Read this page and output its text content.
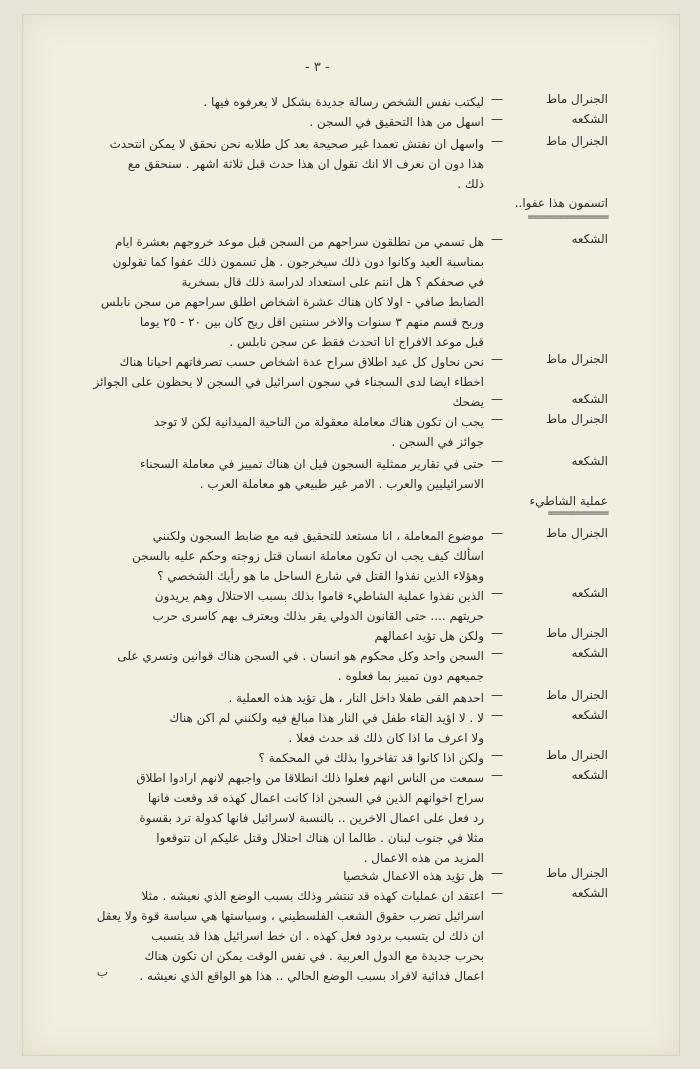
- ٣ -
الجنرال ماط
—
ليكتب نفس الشخص رسالة جديدة بشكل لا يعرفوه فيها .
الشكعه
—
اسهل من هذا التحقيق في السجن .
الجنرال ماط
—
واسهل ان نفتش تعمدا غير صحيحة بعد كل طلابه نحن نحقق لا يمكن انتحدث
هذا دون ان نعرف الا انك تقول ان هذا حدث قبل ثلاثة اشهر . سنحقق مع
ذلك .
اتسمون هذا عفوا..
================
الشكعه
—
هل تسمي من تطلقون سراحهم من السجن قبل موعد خروجهم بعشرة ايام
بمناسبة العيد وكانوا دون ذلك سيخرجون . هل تسمون ذلك عفوا كما تقولون
في صحفكم ؟ هل انتم على استعداد لدراسة ذلك قال بسخرية
الضابط صافي - اولا كان هناك عشرة اشخاص اطلق سراحهم من سجن نابلس
وربح قسم منهم ٣ سنوات والاخر سنتين اقل ربح كان بين ٢٠ - ٢٥ يوما
قبل موعد الافراج انا اتحدث فقط عن سجن نابلس .
الجنرال ماط
—
نحن نحاول كل عيد اطلاق سراح عدة اشخاص حسب تصرفاتهم احيانا هناك
اخطاء ايضا لدى السجناء في سجون اسرائيل في السجن لا يحظون على الجوائز
الشكعه
—
يضحك
الجنرال ماط
—
يجب ان تكون هناك معاملة معقولة من الناحية الميدانية لكن لا توجد
جوائز في السجن .
الشكعه
—
حتى في تقارير ممثلية السجون قيل ان هناك تمييز في معاملة السجناء
الاسرائيليين والعرب . الامر غير طبيعي هو معاملة العرب .
عملية الشاطيء
============
الجنرال ماط
—
موضوع المعاملة ، انا مستعد للتحقيق فيه مع ضابط السجون ولكنني
اسألك كيف يجب ان تكون معاملة انسان قتل زوجته وحكم عليه بالسجن
وهؤلاء الذين نفذوا القتل في شارع الساحل ما هو رأيك الشخصي ؟
الشكعه
—
الذين نفذوا عملية الشاطيء قاموا بذلك بسبب الاحتلال وهم يريدون
حريتهم .... حتى القانون الدولي يقر بذلك ويعترف بهم كاسرى حرب
الجنرال ماط
—
ولكن هل تؤيد اعمالهم
الشكعه
—
السجن واحد وكل محكوم هو انسان . في السجن هناك قوانين وتسري على
جميعهم دون تمييز بما فعلوه .
الجنرال ماط
—
احدهم القى طفلا داخل النار ، هل تؤيد هذه العملية .
الشكعه
—
لا . لا اؤيد القاء طفل في النار هذا مبالغ فيه ولكنني لم اكن هناك
ولا اعرف ما اذا كان ذلك قد حدث فعلا .
الجنرال ماط
—
ولكن اذا كانوا قد تفاخروا بذلك في المحكمة ؟
الشكعه
—
سمعت من الناس انهم فعلوا ذلك انطلاقا من واجبهم لانهم ارادوا اطلاق
سراح اخوانهم الذين في السجن اذا كانت اعمال كهذه قد وقعت فانها
رد فعل على اعمال الاخرين .. بالنسبة لاسرائيل فانها كدولة ترد بقسوة
مثلا في جنوب لبنان . طالما ان هناك احتلال وقتل عليكم ان تتوقعوا
المزيد من هذه الاعمال .
الجنرال ماط
—
هل تؤيد هذه الاعمال شخصيا
الشكعه
—
اعتقد ان عمليات كهذه قد تنتشر وذلك بسبب الوضع الذي نعيشه . مثلا
اسرائيل تضرب حقوق الشعب الفلسطيني ، وسياستها هي سياسة قوة ولا يعقل
ان ذلك لن يتسبب بردود فعل كهذه . ان خط اسرائيل هذا قد يتسبب
بحرب جديدة مع الدول العربية . في نفس الوقت يمكن ان تكون هناك
اعمال فدائية لافراد بسبب الوضع الحالي .. هذا هو الواقع الذي نعيشه .
ب
